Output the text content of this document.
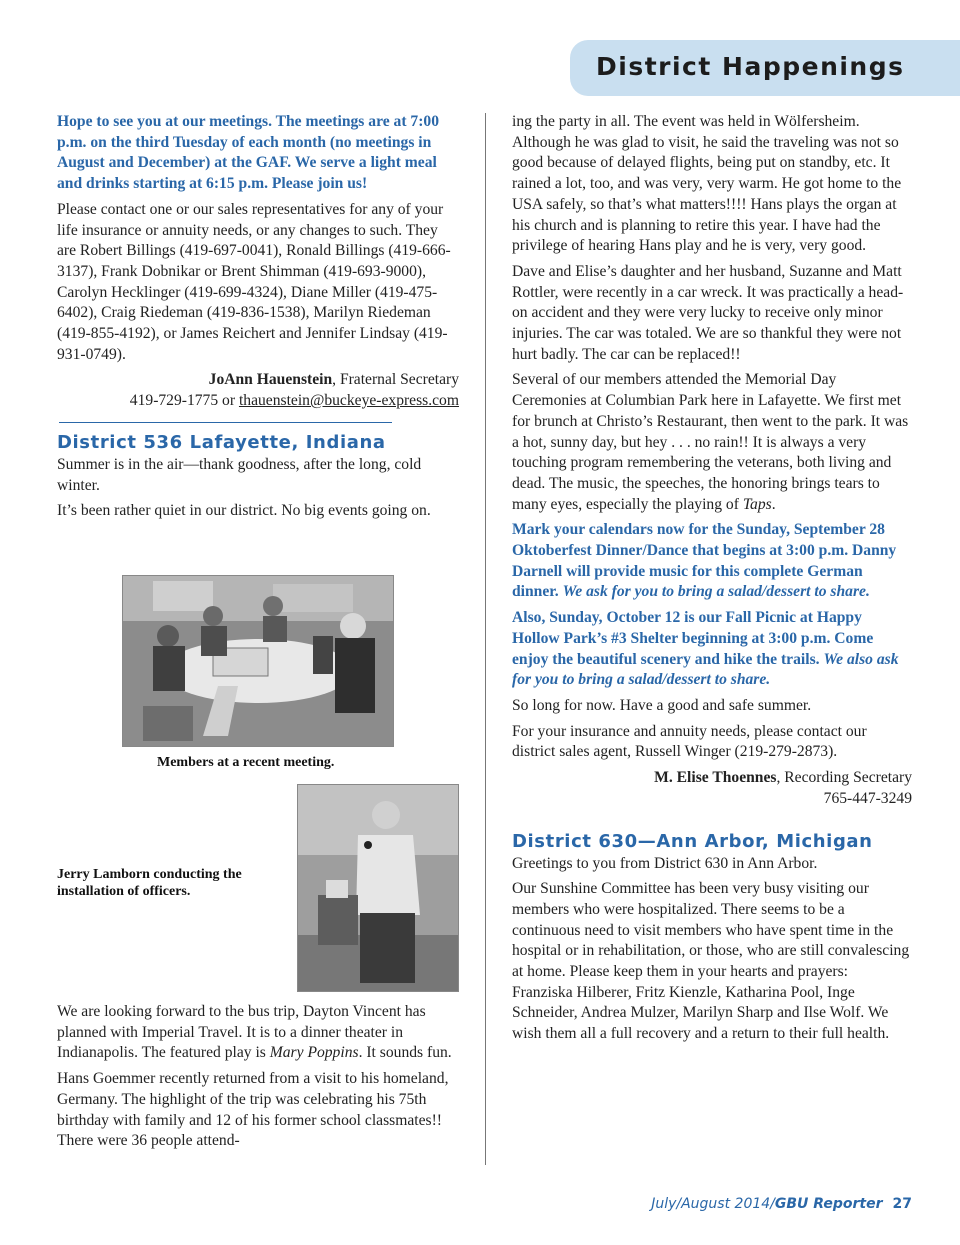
District Happenings

Hope to see you at our meetings. The meetings are at 7:00 p.m. on the third Tuesday of each month (no meetings in August and December) at the GAF. We serve a light meal and drinks starting at 6:15 p.m. Please join us!

Please contact one or our sales representatives for any of your life insurance or annuity needs, or any changes to such. They are Robert Billings (419-697-0041), Ronald Billings (419-666-3137), Frank Dobnikar or Brent Shimman (419-693-9000), Carolyn Hecklinger (419-699-4324), Diane Miller (419-475-6402), Craig Riedeman (419-836-1538), Marilyn Riedeman (419-855-4192), or James Reichert and Jennifer Lindsay (419-931-0749).

JoAnn Hauenstein, Fraternal Secretary

419-729-1775 or thauenstein@buckeye-express.com

District 536 Lafayette, Indiana

Summer is in the air—thank goodness, after the long, cold winter.

It’s been rather quiet in our district. No big events going on.

Members at a recent meeting.
Jerry Lamborn conducting the installation of officers.

We are looking forward to the bus trip, Dayton Vincent has planned with Imperial Travel. It is to a dinner theater in Indianapolis. The featured play is Mary Poppins. It sounds fun.

Hans Goemmer recently returned from a visit to his homeland, Germany. The highlight of the trip was celebrating his 75th birthday with family and 12 of his former school classmates!! There were 36 people attend-

ing the party in all. The event was held in Wölfersheim. Although he was glad to visit, he said the traveling was not so good because of delayed flights, being put on standby, etc. It rained a lot, too, and was very, very warm. He got home to the USA safely, so that’s what matters!!!! Hans plays the organ at his church and is planning to retire this year. I have had the privilege of hearing Hans play and he is very, very good.

Dave and Elise’s daughter and her husband, Suzanne and Matt Rottler, were recently in a car wreck. It was practically a head-on accident and they were very lucky to receive only minor injuries. The car was totaled. We are so thankful they were not hurt badly. The car can be replaced!!

Several of our members attended the Memorial Day Ceremonies at Columbian Park here in Lafayette. We first met for brunch at Christo’s Restaurant, then went to the park. It was a hot, sunny day, but hey . . . no rain!! It is always a very touching program remembering the veterans, both living and dead. The music, the speeches, the honoring brings tears to many eyes, especially the playing of Taps.

Mark your calendars now for the Sunday, September 28 Oktoberfest Dinner/Dance that begins at 3:00 p.m. Danny Darnell will provide music for this complete German dinner. We ask for you to bring a salad/dessert to share.

Also, Sunday, October 12 is our Fall Picnic at Happy Hollow Park’s #3 Shelter beginning at 3:00 p.m. Come enjoy the beautiful scenery and hike the trails. We also ask for you to bring a salad/dessert to share.

So long for now. Have a good and safe summer.

For your insurance and annuity needs, please contact our district sales agent, Russell Winger (219-279-2873).

M. Elise Thoennes, Recording Secretary

765-447-3249

District 630—Ann Arbor, Michigan

Greetings to you from District 630 in Ann Arbor.

Our Sunshine Committee has been very busy visiting our members who were hospitalized. There seems to be a continuous need to visit members who have spent time in the hospital or in rehabilitation, or those, who are still convalescing at home. Please keep them in your hearts and prayers: Franziska Hilberer, Fritz Kienzle, Katharina Pool, Inge Schneider, Andrea Mulzer, Marilyn Sharp and Ilse Wolf. We wish them all a full recovery and a return to their full health.

July/August 2014/GBU Reporter 27
